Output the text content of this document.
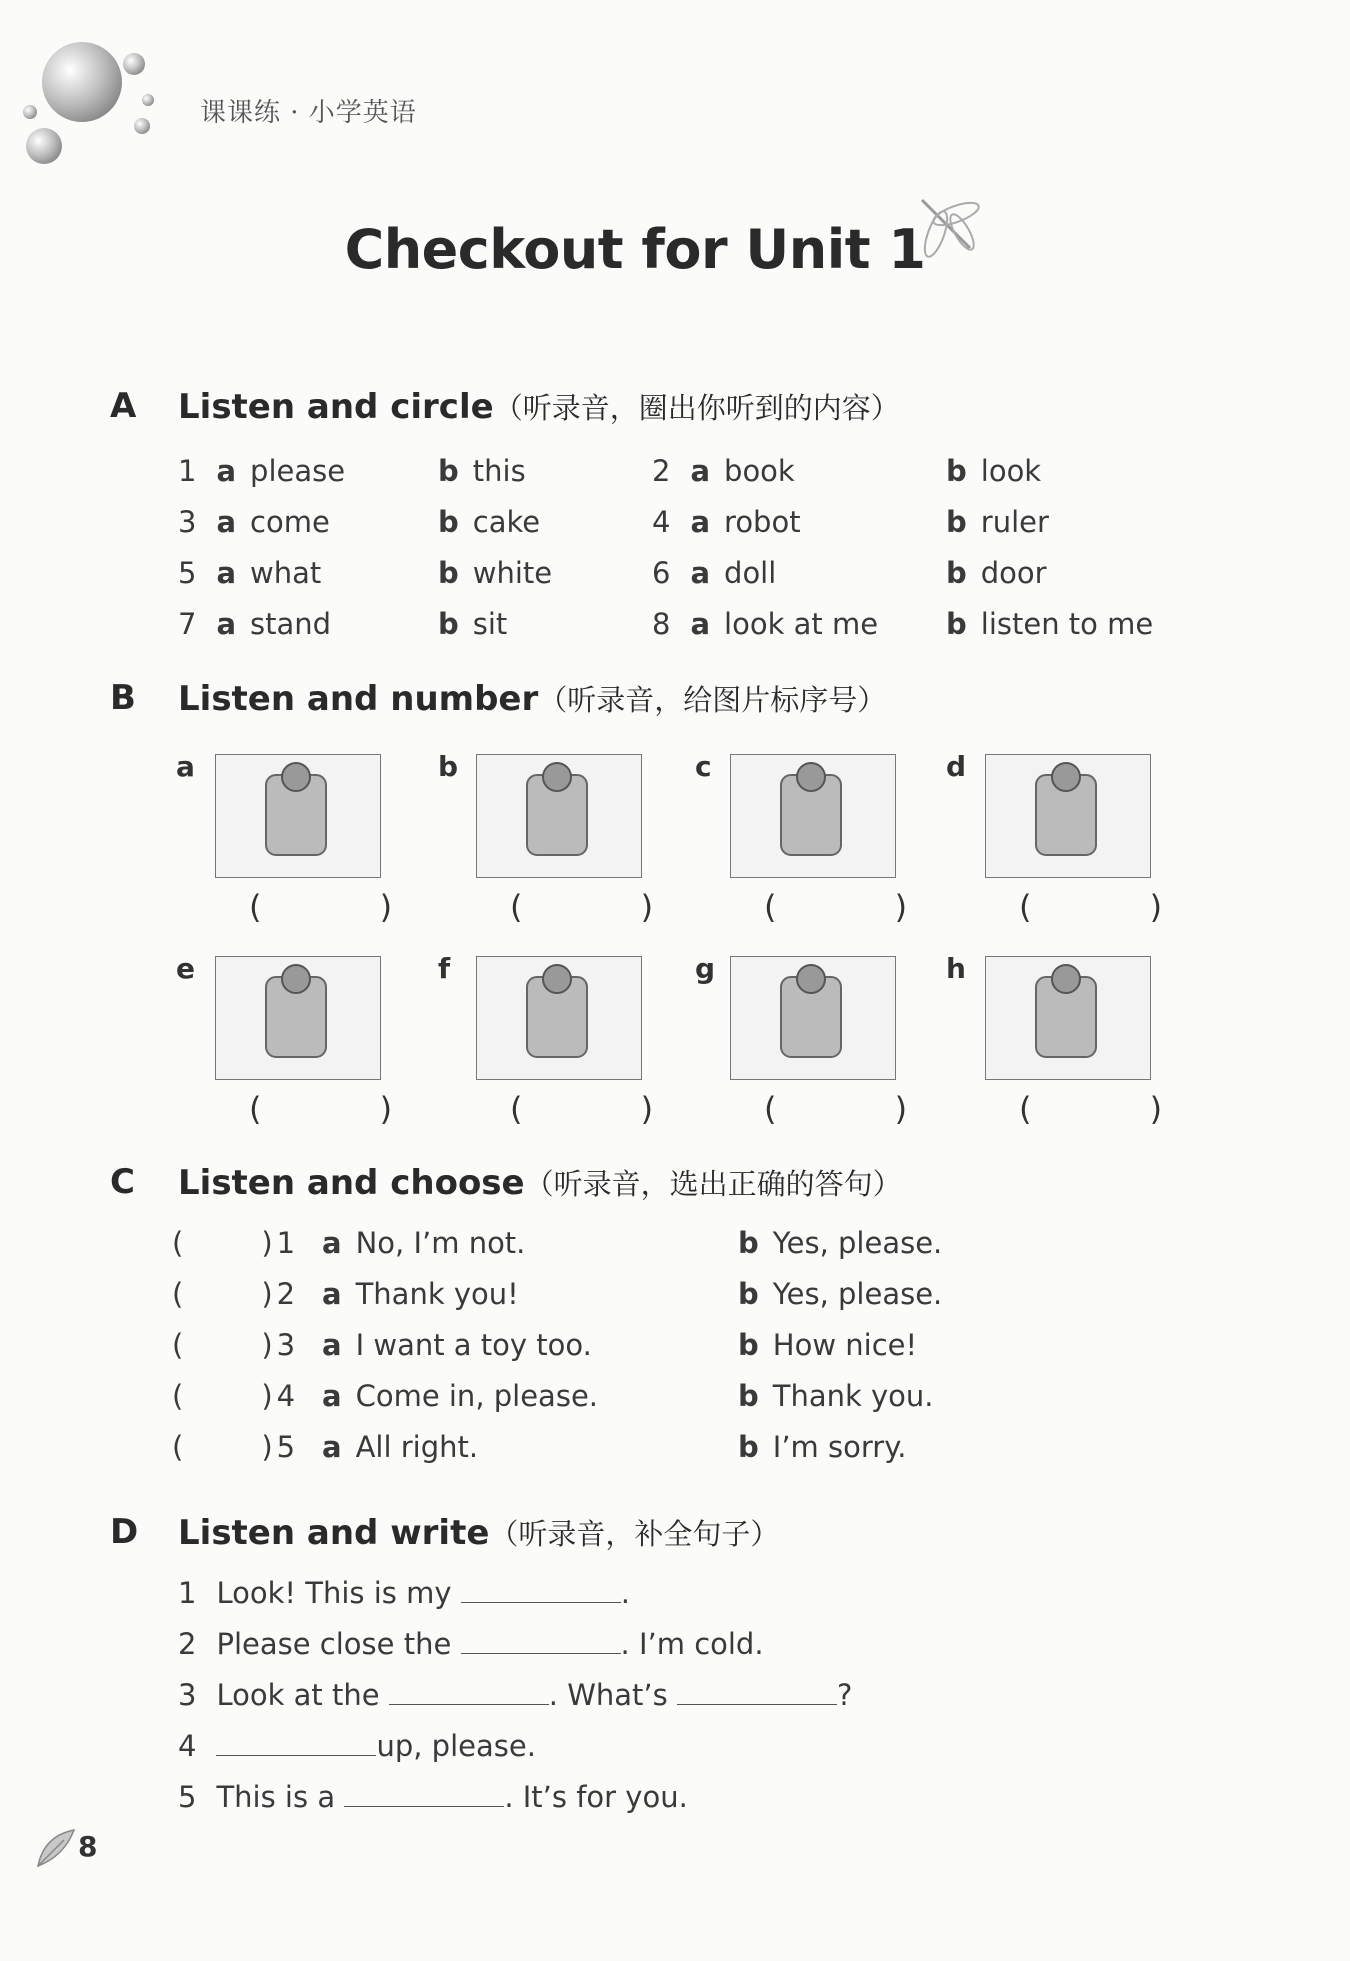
课课练 · 小学英语
Checkout for Unit 1
A Listen and circle（听录音，圈出你听到的内容）
1 a please	b this	2 a book	b look
3 a come	b cake	4 a robot	b ruler
5 a what	b white	6 a doll	b door
7 a stand	b sit	8 a look at me b listen to me
B Listen and number（听录音，给图片标序号）
a
( )
b
( )
c
( )
d
( )
e
( )
f
( )
g
( )
h
( )
C Listen and choose（听录音，选出正确的答句）
(	) 1 a No, I’m not.	b Yes, please.
(	) 2 a Thank you!	b Yes, please.
(	) 3 a I want a toy too.	b How nice!
(	) 4 a Come in, please.	b Thank you.
(	) 5 a All right.	b I’m sorry.
D Listen and write（听录音，补全句子）
1 Look! This is my	.
2 Please close the	. I’m cold.
3 Look at the	. What’s	?
4	up, please.
5 This is a	. It’s for you.
8
